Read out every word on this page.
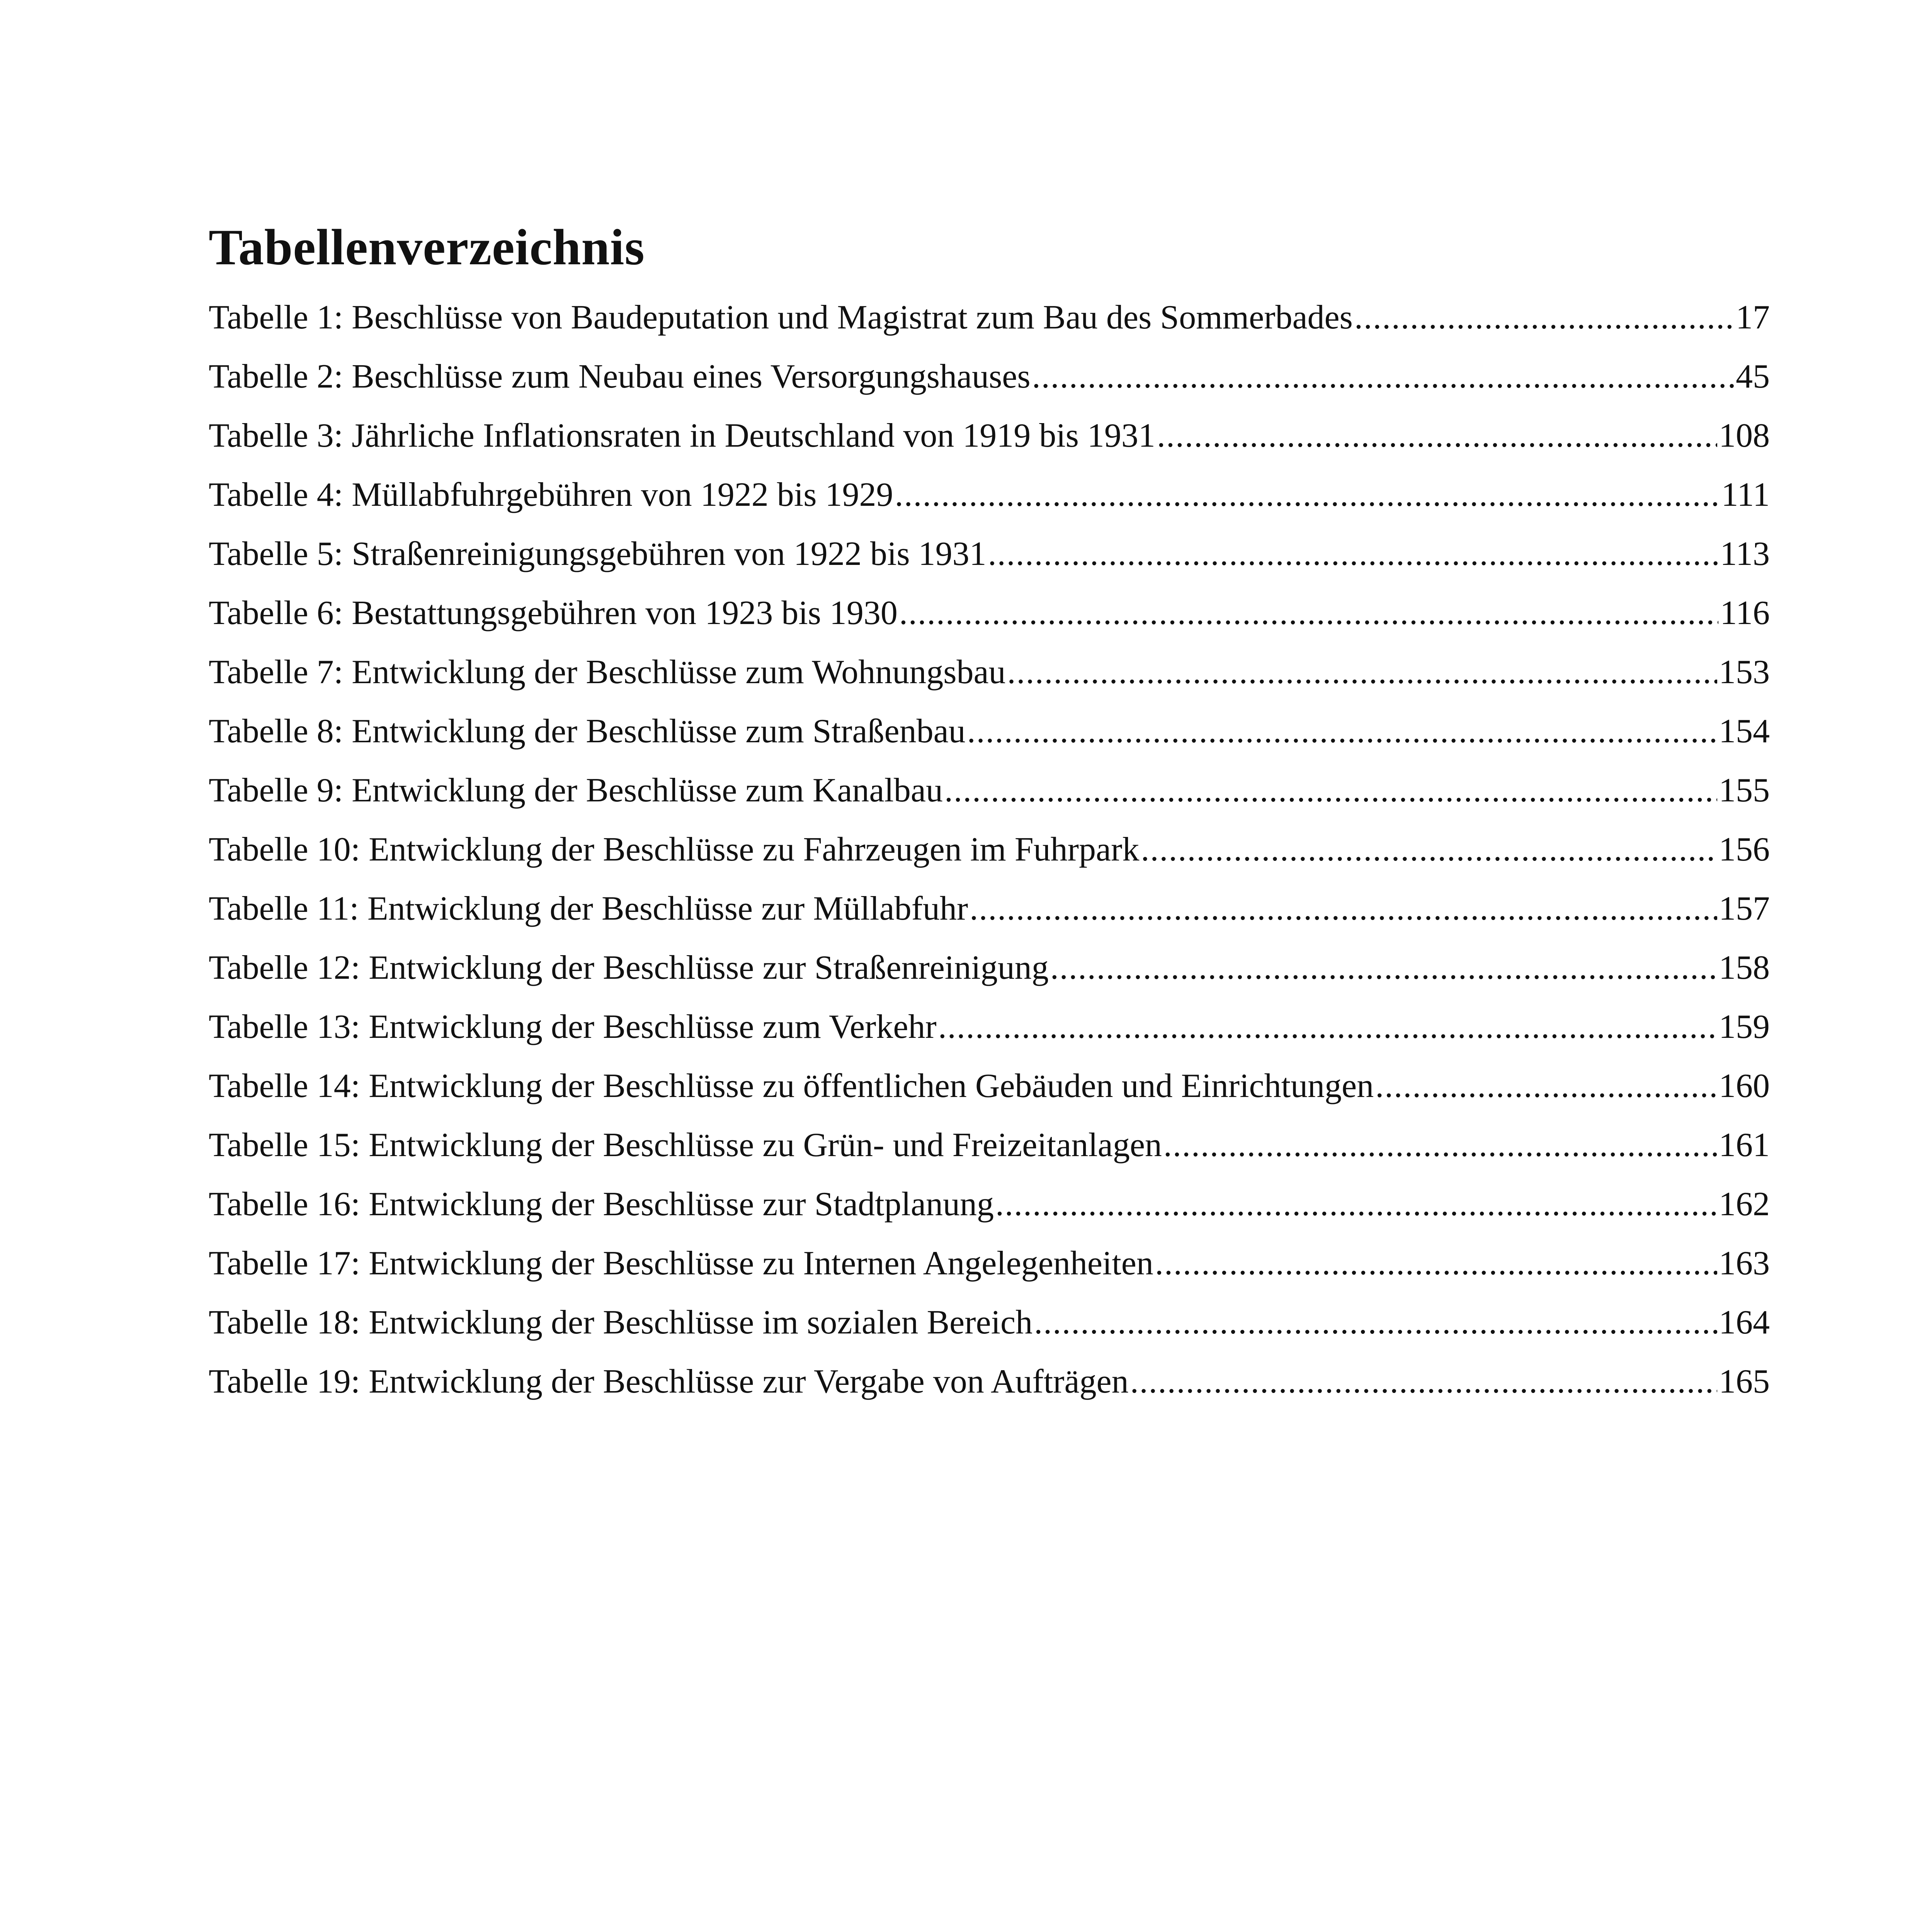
Tabellenverzeichnis
Tabelle 1: Beschlüsse von Baudeputation und Magistrat zum Bau des Sommerbades .....	17
Tabelle 2: Beschlüsse zum Neubau eines Versorgungshauses .....	45
Tabelle 3: Jährliche Inflationsraten in Deutschland von 1919 bis 1931 .....	108
Tabelle 4: Müllabfuhrgebühren von 1922 bis 1929 .....	111
Tabelle 5: Straßenreinigungsgebühren von 1922 bis 1931 .....	113
Tabelle 6: Bestattungsgebühren von 1923 bis 1930 .....	116
Tabelle 7: Entwicklung der Beschlüsse zum Wohnungsbau .....	153
Tabelle 8: Entwicklung der Beschlüsse zum Straßenbau .....	154
Tabelle 9: Entwicklung der Beschlüsse zum Kanalbau .....	155
Tabelle 10: Entwicklung der Beschlüsse zu Fahrzeugen im Fuhrpark .....	156
Tabelle 11: Entwicklung der Beschlüsse zur Müllabfuhr .....	157
Tabelle 12: Entwicklung der Beschlüsse zur Straßenreinigung .....	158
Tabelle 13: Entwicklung der Beschlüsse zum Verkehr .....	159
Tabelle 14: Entwicklung der Beschlüsse zu öffentlichen Gebäuden und Einrichtungen .....	160
Tabelle 15: Entwicklung der Beschlüsse zu Grün- und Freizeitanlagen .....	161
Tabelle 16: Entwicklung der Beschlüsse zur Stadtplanung .....	162
Tabelle 17: Entwicklung der Beschlüsse zu Internen Angelegenheiten .....	163
Tabelle 18: Entwicklung der Beschlüsse im sozialen Bereich .....	164
Tabelle 19: Entwicklung der Beschlüsse zur Vergabe von Aufträgen .....	165
